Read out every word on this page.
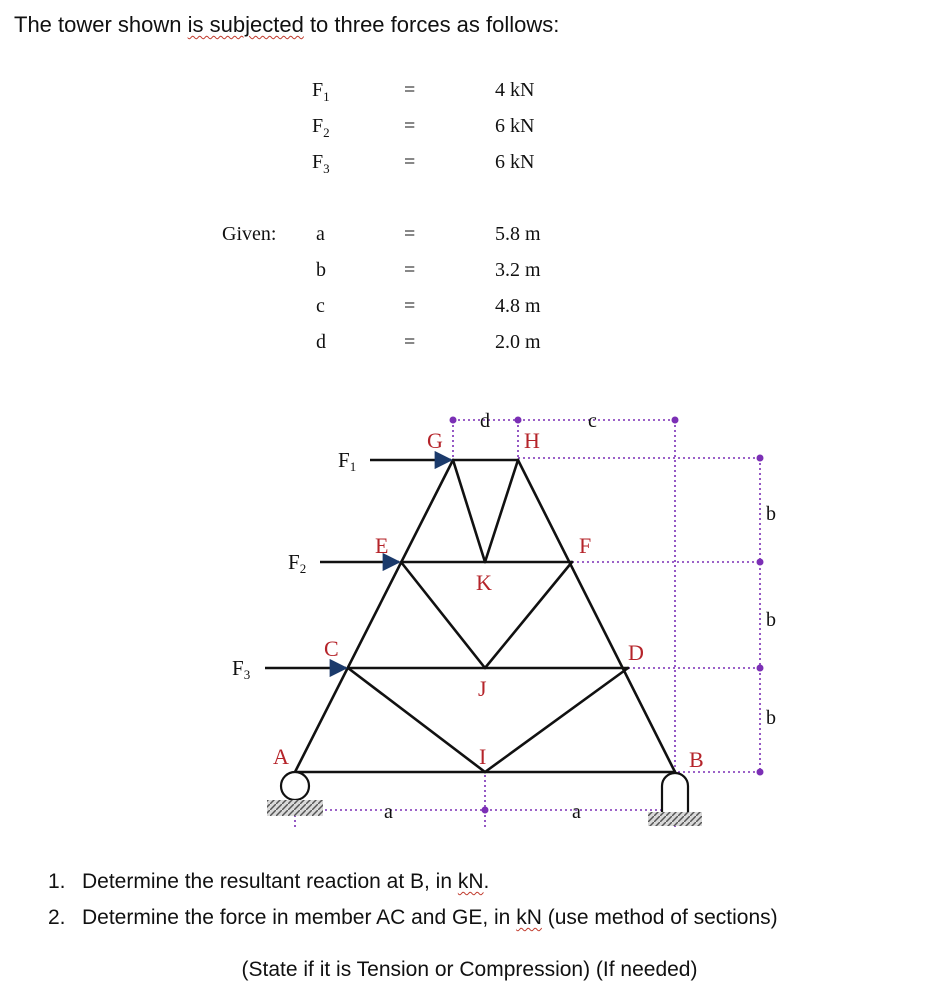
The tower shown is subjected to three forces as follows:
$F_1$	=	4 kN
$F_2$	=	6 kN
$F_3$	=	6 kN
Given: a	=	5.8 m
b	=	3.2 m
c	=	4.8 m
d	=	2.0 m
F1
F2
F3
G	H
E	F
K
C	D
J
A	I	B
d	c
b
b
b
a	a
1. Determine the resultant reaction at B, in kN.
2. Determine the force in member AC and GE, in kN (use method of sections)
(State if it is Tension or Compression) (If needed)
